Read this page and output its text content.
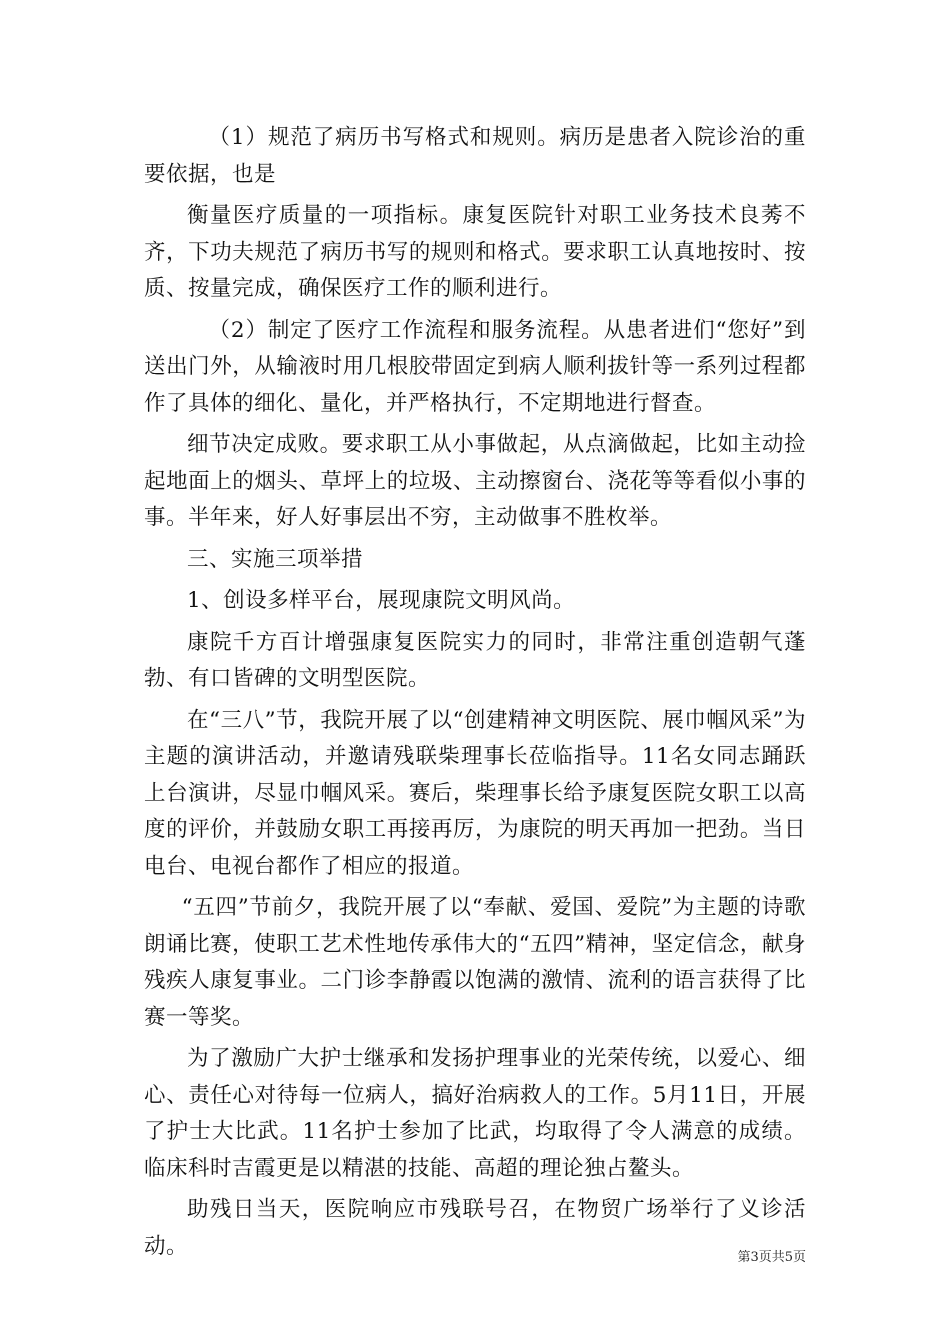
（1）规范了病历书写格式和规则。病历是患者入院诊治的重要依据，也是

衡量医疗质量的一项指标。康复医院针对职工业务技术良莠不齐，下功夫规范了病历书写的规则和格式。要求职工认真地按时、按质、按量完成，确保医疗工作的顺利进行。

（2）制定了医疗工作流程和服务流程。从患者进们“您好”到送出门外，从输液时用几根胶带固定到病人顺利拔针等一系列过程都作了具体的细化、量化，并严格执行，不定期地进行督查。

细节决定成败。要求职工从小事做起，从点滴做起，比如主动捡起地面上的烟头、草坪上的垃圾、主动擦窗台、浇花等等看似小事的事。半年来，好人好事层出不穷，主动做事不胜枚举。

三、实施三项举措

1、创设多样平台，展现康院文明风尚。

康院千方百计增强康复医院实力的同时，非常注重创造朝气蓬勃、有口皆碑的文明型医院。

在“三八”节，我院开展了以“创建精神文明医院、展巾帼风采”为主题的演讲活动，并邀请残联柴理事长莅临指导。11名女同志踊跃上台演讲，尽显巾帼风采。赛后，柴理事长给予康复医院女职工以高度的评价，并鼓励女职工再接再厉，为康院的明天再加一把劲。当日电台、电视台都作了相应的报道。

“五四”节前夕，我院开展了以“奉献、爱国、爱院”为主题的诗歌朗诵比赛，使职工艺术性地传承伟大的“五四”精神，坚定信念，献身残疾人康复事业。二门诊李静霞以饱满的激情、流利的语言获得了比赛一等奖。

为了激励广大护士继承和发扬护理事业的光荣传统，以爱心、细心、责任心对待每一位病人，搞好治病救人的工作。5月11日，开展了护士大比武。11名护士参加了比武，均取得了令人满意的成绩。临床科时吉霞更是以精湛的技能、高超的理论独占鳌头。

助残日当天，医院响应市残联号召，在物贸广场举行了义诊活动。	第3页共5页
